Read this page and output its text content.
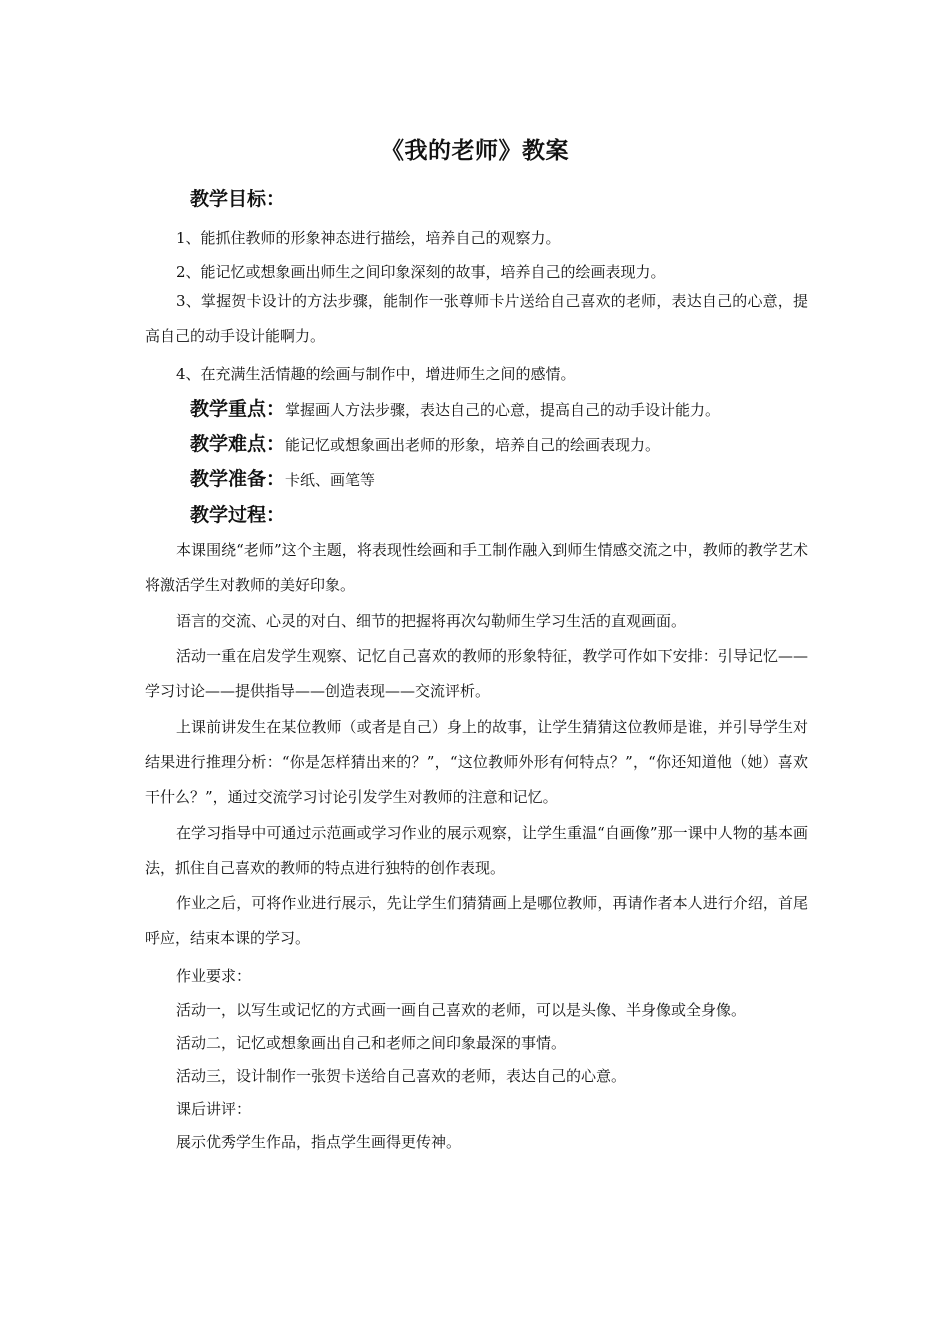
《我的老师》教案
教学目标：
1、能抓住教师的形象神态进行描绘，培养自己的观察力。
2、能记忆或想象画出师生之间印象深刻的故事，培养自己的绘画表现力。
3、掌握贺卡设计的方法步骤，能制作一张尊师卡片送给自己喜欢的老师，表达自己的心意，提高自己的动手设计能啊力。
4、在充满生活情趣的绘画与制作中，增进师生之间的感情。
教学重点：掌握画人方法步骤，表达自己的心意，提高自己的动手设计能力。
教学难点：能记忆或想象画出老师的形象，培养自己的绘画表现力。
教学准备：卡纸、画笔等
教学过程：
本课围绕“老师”这个主题，将表现性绘画和手工制作融入到师生情感交流之中，教师的教学艺术将激活学生对教师的美好印象。
语言的交流、心灵的对白、细节的把握将再次勾勒师生学习生活的直观画面。
活动一重在启发学生观察、记忆自己喜欢的教师的形象特征，教学可作如下安排：引导记忆——学习讨论——提供指导——创造表现——交流评析。
上课前讲发生在某位教师（或者是自己）身上的故事，让学生猜猜这位教师是谁，并引导学生对结果进行推理分析：“你是怎样猜出来的？”，“这位教师外形有何特点？”，“你还知道他（她）喜欢干什么？”，通过交流学习讨论引发学生对教师的注意和记忆。
在学习指导中可通过示范画或学习作业的展示观察，让学生重温“自画像”那一课中人物的基本画法，抓住自己喜欢的教师的特点进行独特的创作表现。
作业之后，可将作业进行展示，先让学生们猜猜画上是哪位教师，再请作者本人进行介绍，首尾呼应，结束本课的学习。
作业要求：
活动一，以写生或记忆的方式画一画自己喜欢的老师，可以是头像、半身像或全身像。
活动二，记忆或想象画出自己和老师之间印象最深的事情。
活动三，设计制作一张贺卡送给自己喜欢的老师，表达自己的心意。
课后讲评：
展示优秀学生作品，指点学生画得更传神。
